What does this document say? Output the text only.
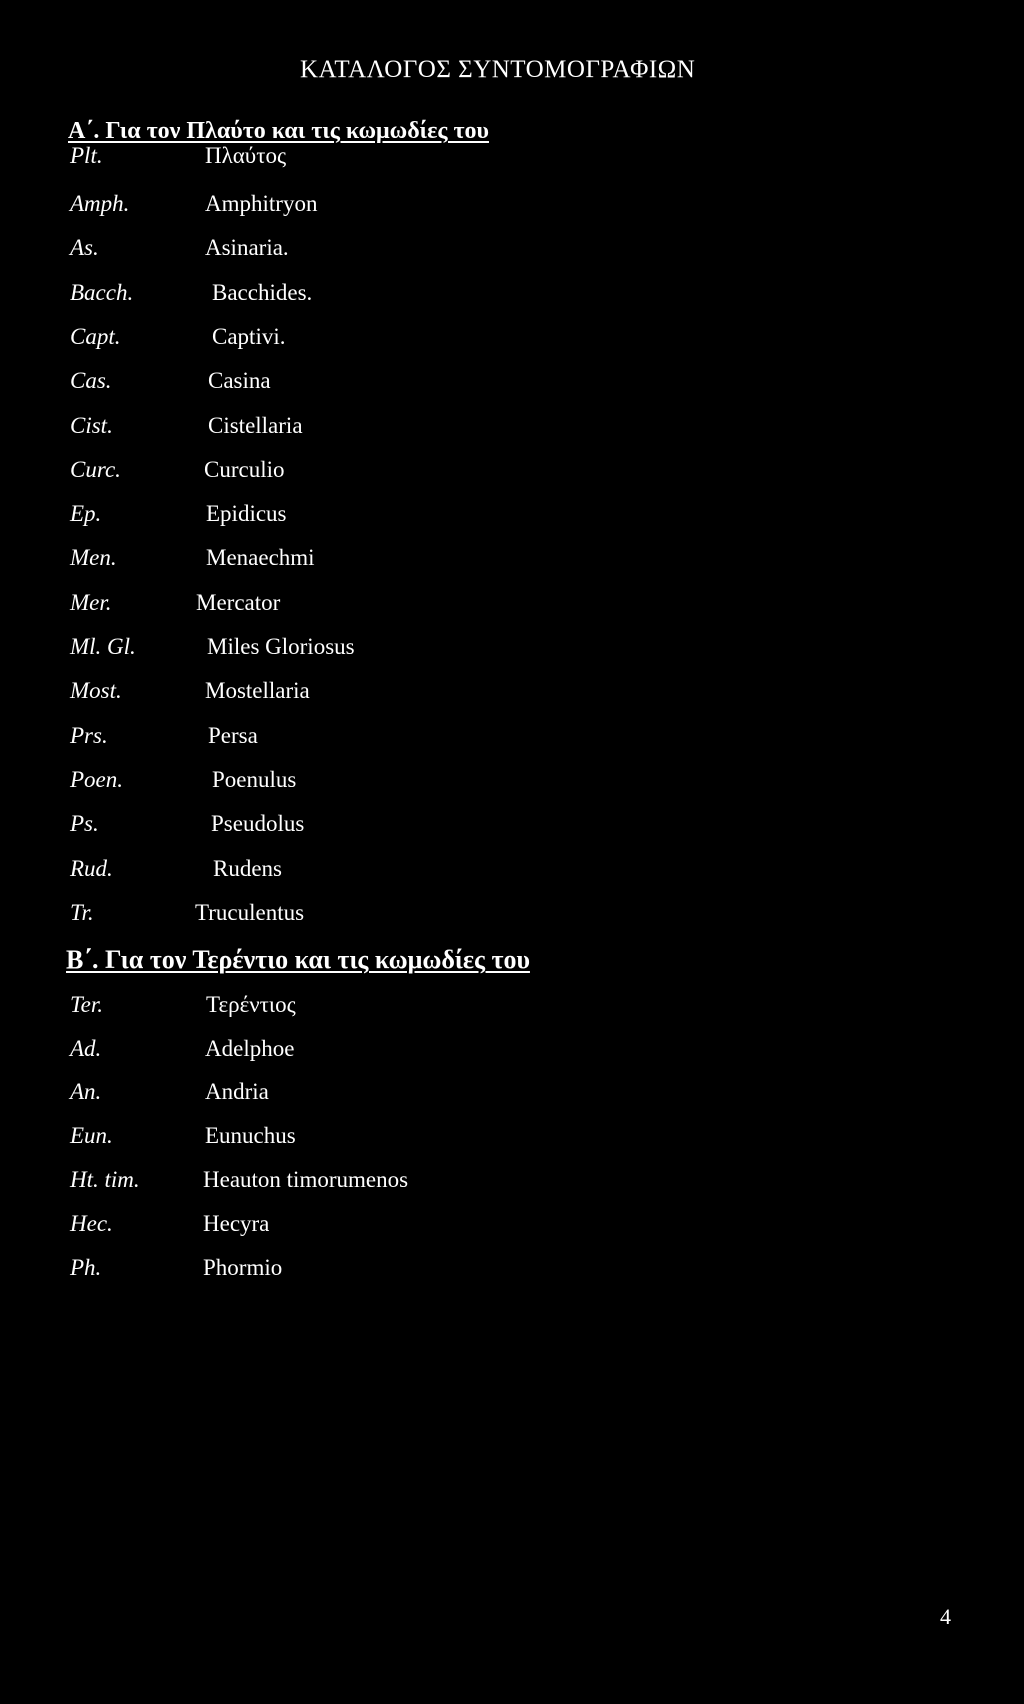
ΚΑΤΑΛΟΓΟΣ ΣΥΝΤΟΜΟΓΡΑΦΙΩΝ
Α΄. Για τον Πλαύτο και τις κωμωδίες του
Plt.	Πλαύτος
Amph.	Amphitryon
As.	Asinaria.
Bacch.	Bacchides.
Capt.	Captivi.
Cas.	Casina
Cist.	Cistellaria
Curc.	Curculio
Ep.	Epidicus
Men.	Menaechmi
Mer.	Mercator
Ml. Gl.	Miles Gloriosus
Most.	Mostellaria
Prs.	Persa
Poen.	Poenulus
Ps.	Pseudolus
Rud.	Rudens
Tr.	Truculentus
Β΄. Για τον Τερέντιο και τις κωμωδίες του
Ter.	Τερέντιος
Ad.	Adelphoe
An.	Andria
Eun.	Eunuchus
Ht. tim.	Heauton timorumenos
Hec.	Hecyra
Ph.	Phormio
4
